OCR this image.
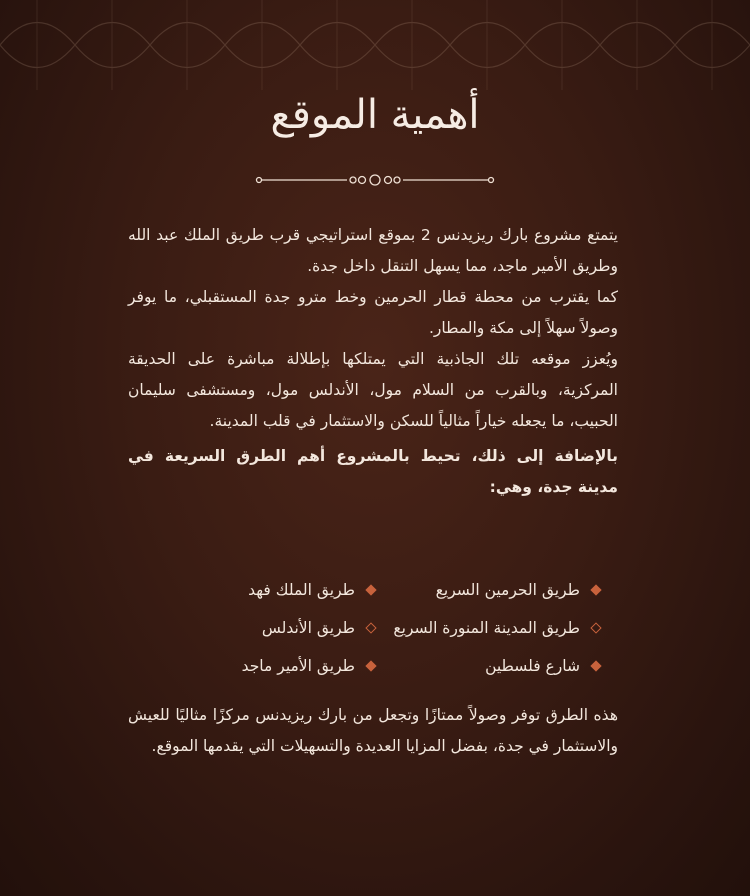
أهمية الموقع

يتمتع مشروع بارك ريزيدنس 2 بموقع استراتيجي قرب طريق الملك عبد الله وطريق الأمير ماجد، مما يسهل التنقل داخل جدة.

كما يقترب من محطة قطار الحرمين وخط مترو جدة المستقبلي، ما يوفر وصولاً سهلاً إلى مكة والمطار.

ويُعزز موقعه تلك الجاذبية التي يمتلكها بإطلالة مباشرة على الحديقة المركزية، وبالقرب من السلام مول، الأندلس مول، ومستشفى سليمان الحبيب، ما يجعله خياراً مثالياً للسكن والاستثمار في قلب المدينة.

بالإضافة إلى ذلك، تحيط بالمشروع أهم الطرق السريعة في مدينة جدة، وهي:

طريق الحرمين السريع
طريق الملك فهد
طريق المدينة المنورة السريع
طريق الأندلس
شارع فلسطين
طريق الأمير ماجد

هذه الطرق توفر وصولاً ممتازًا وتجعل من بارك ريزيدنس مركزًا مثاليًا للعيش والاستثمار في جدة، بفضل المزايا العديدة والتسهيلات التي يقدمها الموقع.
